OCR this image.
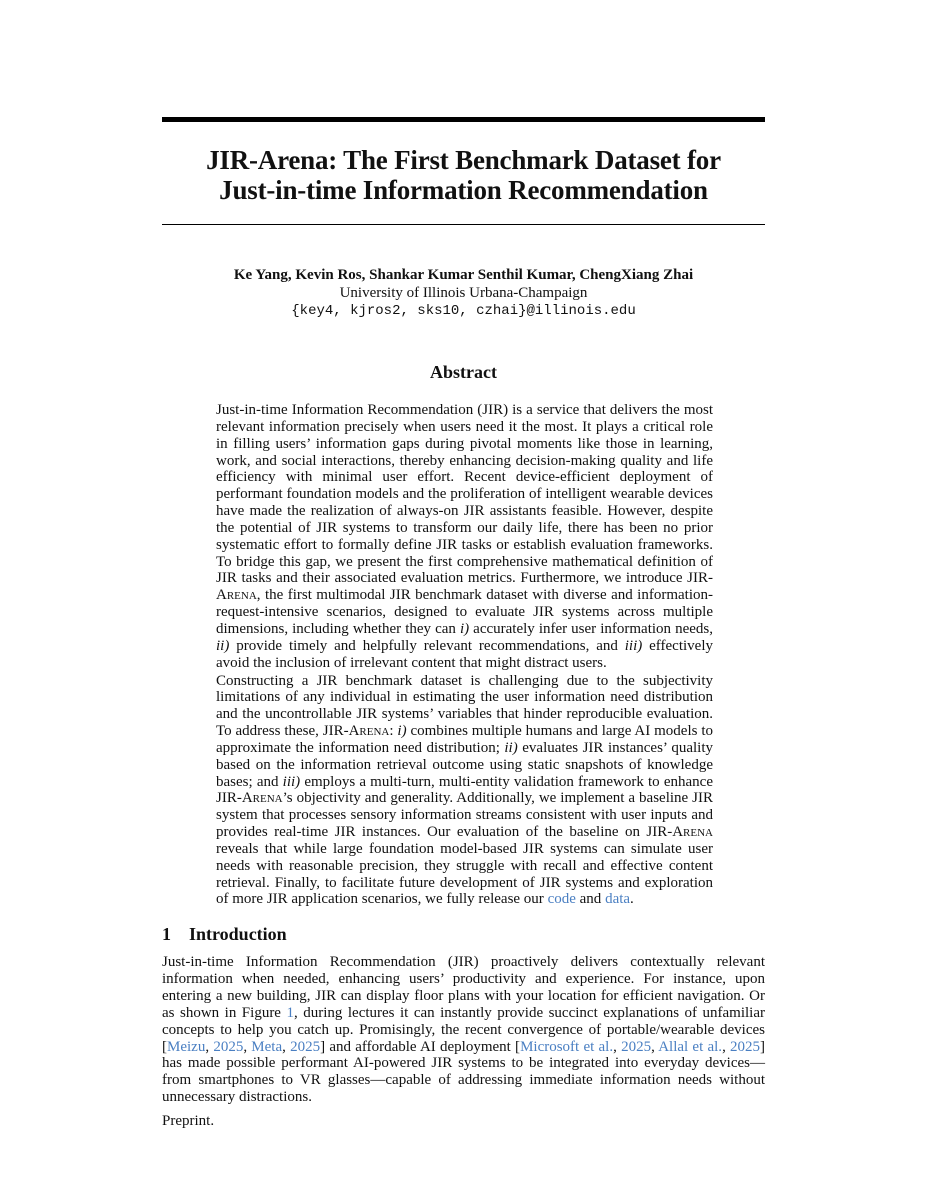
JIR-Arena: The First Benchmark Dataset for
Just-in-time Information Recommendation
Ke Yang, Kevin Ros, Shankar Kumar Senthil Kumar, ChengXiang Zhai
University of Illinois Urbana-Champaign
{key4, kjros2, sks10, czhai}@illinois.edu
Abstract

Just-in-time Information Recommendation (JIR) is a service that delivers the most relevant information precisely when users need it the most. It plays a critical role in filling users’ information gaps during pivotal moments like those in learning, work, and social interactions, thereby enhancing decision-making quality and life efficiency with minimal user effort. Recent device-efficient deployment of performant foundation models and the proliferation of intelligent wearable devices have made the realization of always-on JIR assistants feasible. However, despite the potential of JIR systems to transform our daily life, there has been no prior systematic effort to formally define JIR tasks or establish evaluation frameworks. To bridge this gap, we present the first comprehensive mathematical definition of JIR tasks and their associated evaluation metrics. Furthermore, we introduce JIR-Arena, the first multimodal JIR benchmark dataset with diverse and information-request-intensive scenarios, designed to evaluate JIR systems across multiple dimensions, including whether they can i) accurately infer user information needs, ii) provide timely and helpfully relevant recommendations, and iii) effectively avoid the inclusion of irrelevant content that might distract users.

Constructing a JIR benchmark dataset is challenging due to the subjectivity limitations of any individual in estimating the user information need distribution and the uncontrollable JIR systems’ variables that hinder reproducible evaluation. To address these, JIR-Arena: i) combines multiple humans and large AI models to approximate the information need distribution; ii) evaluates JIR instances’ quality based on the information retrieval outcome using static snapshots of knowledge bases; and iii) employs a multi-turn, multi-entity validation framework to enhance JIR-Arena’s objectivity and generality. Additionally, we implement a baseline JIR system that processes sensory information streams consistent with user inputs and provides real-time JIR instances. Our evaluation of the baseline on JIR-Arena reveals that while large foundation model-based JIR systems can simulate user needs with reasonable precision, they struggle with recall and effective content retrieval. Finally, to facilitate future development of JIR systems and exploration of more JIR application scenarios, we fully release our code and data.

1 Introduction

Just-in-time Information Recommendation (JIR) proactively delivers contextually relevant information when needed, enhancing users’ productivity and experience. For instance, upon entering a new building, JIR can display floor plans with your location for efficient navigation. Or as shown in Figure 1, during lectures it can instantly provide succinct explanations of unfamiliar concepts to help you catch up. Promisingly, the recent convergence of portable/wearable devices [Meizu, 2025, Meta, 2025] and affordable AI deployment [Microsoft et al., 2025, Allal et al., 2025] has made possible performant AI-powered JIR systems to be integrated into everyday devices—from smartphones to VR glasses—capable of addressing immediate information needs without unnecessary distractions.

Preprint.
